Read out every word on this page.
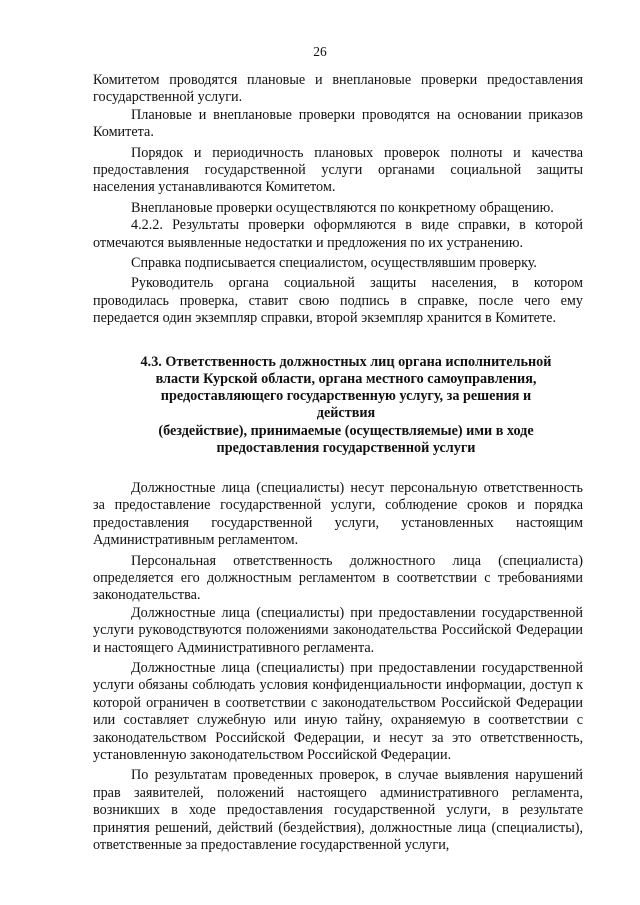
26

Комитетом проводятся плановые и внеплановые проверки предоставления государственной услуги.

Плановые и внеплановые проверки проводятся на основании приказов Комитета.

Порядок и периодичность плановых проверок полноты и качества предоставления государственной услуги органами социальной защиты населения устанавливаются Комитетом.

Внеплановые проверки осуществляются по конкретному обращению.

4.2.2. Результаты проверки оформляются в виде справки, в которой отмечаются выявленные недостатки и предложения по их устранению.

Справка подписывается специалистом, осуществлявшим проверку.

Руководитель органа социальной защиты населения, в котором проводилась проверка, ставит свою подпись в справке, после чего ему передается один экземпляр справки, второй экземпляр хранится в Комитете.

4.3. Ответственность должностных лиц органа исполнительной
власти Курской области, органа местного самоуправления,
предоставляющего государственную услугу, за решения и действия
(бездействие), принимаемые (осуществляемые) ими в ходе
предоставления государственной услуги

Должностные лица (специалисты) несут персональную ответственность за предоставление государственной услуги, соблюдение сроков и порядка предоставления государственной услуги, установленных настоящим Административным регламентом.

Персональная ответственность должностного лица (специалиста) определяется его должностным регламентом в соответствии с требованиями законодательства.

Должностные лица (специалисты) при предоставлении государственной услуги руководствуются положениями законодательства Российской Федерации и настоящего Административного регламента.

Должностные лица (специалисты) при предоставлении государственной услуги обязаны соблюдать условия конфиденциальности информации, доступ к которой ограничен в соответствии с законодательством Российской Федерации или составляет служебную или иную тайну, охраняемую в соответствии с законодательством Российской Федерации, и несут за это ответственность, установленную законодательством Российской Федерации.

По результатам проведенных проверок, в случае выявления нарушений прав заявителей, положений настоящего административного регламента, возникших в ходе предоставления государственной услуги, в результате принятия решений, действий (бездействия), должностные лица (специалисты), ответственные за предоставление государственной услуги,
